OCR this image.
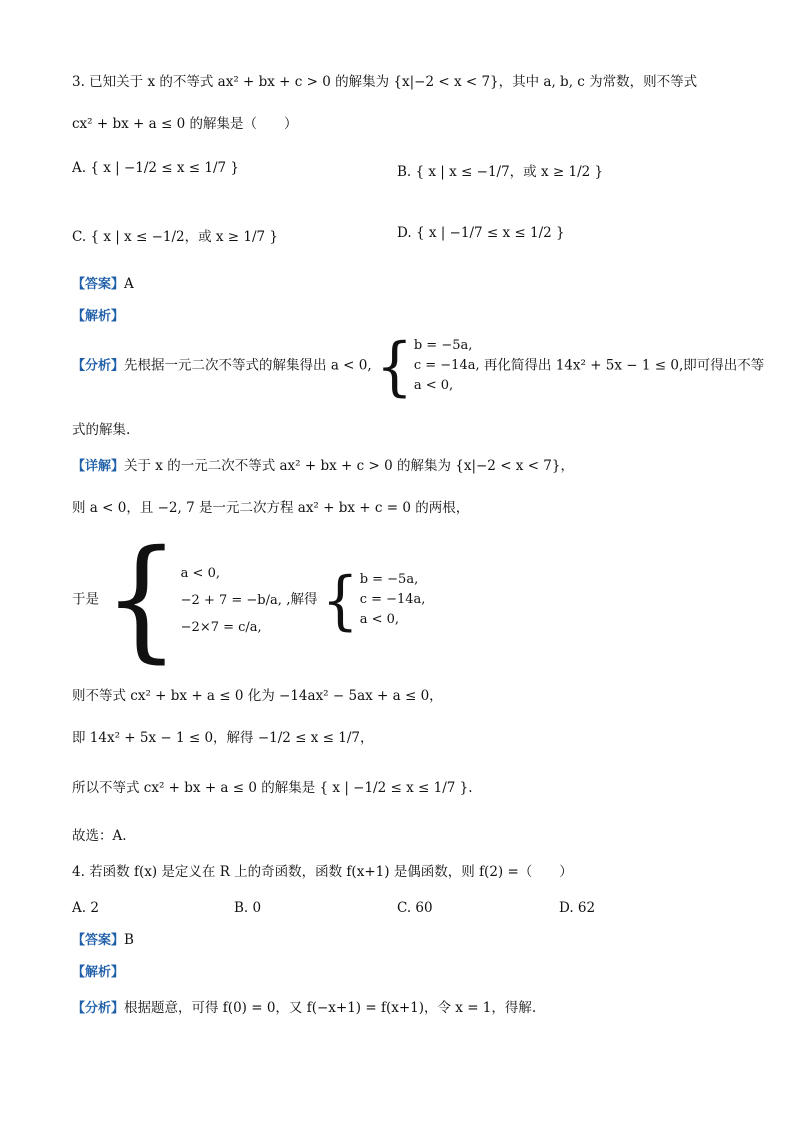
3. 已知关于 x 的不等式 ax² + bx + c > 0 的解集为 {x|−2 < x < 7}，其中 a, b, c 为常数，则不等式
cx² + bx + a ≤ 0 的解集是（　　）
A. { x | −1/2 ≤ x ≤ 1/7 }	B. { x | x ≤ −1/7，或 x ≥ 1/2 }
C. { x | x ≤ −1/2，或 x ≥ 1/7 }	D. { x | −1/7 ≤ x ≤ 1/2 }
【答案】A
【解析】
【分析】先根据一元二次不等式的解集得出 a < 0, { b = −5a,
c = −14a,
a < 0,
再化简得出 14x² + 5x − 1 ≤ 0,即可得出不等
式的解集.
【详解】关于 x 的一元二次不等式 ax² + bx + c > 0 的解集为 {x|−2 < x < 7}，
则 a < 0，且 −2, 7 是一元二次方程 ax² + bx + c = 0 的两根，
于是 { a < 0,
−2 + 7 = −b/a,
−2×7 = c/a,
,解得 { b = −5a,
c = −14a,
a < 0,
则不等式 cx² + bx + a ≤ 0 化为 −14ax² − 5ax + a ≤ 0，
即 14x² + 5x − 1 ≤ 0，解得 −1/2 ≤ x ≤ 1/7，
所以不等式 cx² + bx + a ≤ 0 的解集是 { x | −1/2 ≤ x ≤ 1/7 }.
故选：A.
4. 若函数 f(x) 是定义在 R 上的奇函数，函数 f(x+1) 是偶函数，则 f(2) =（　　）
A. 2	B. 0	C. 60	D. 62
【答案】B
【解析】
【分析】根据题意，可得 f(0) = 0，又 f(−x+1) = f(x+1)，令 x = 1，得解.
